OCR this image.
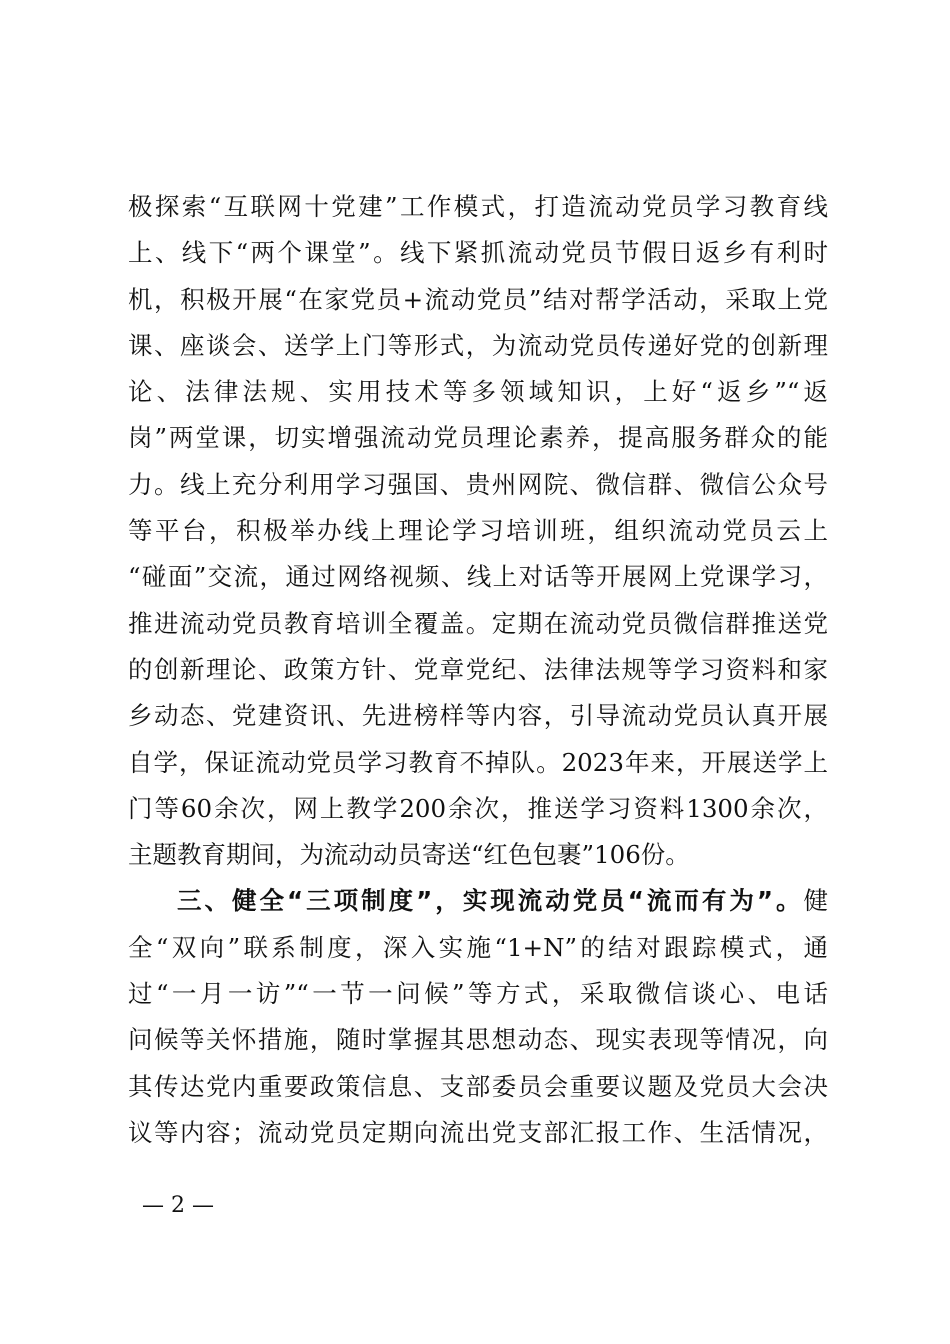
极探索“互联网十党建”工作模式，打造流动党员学习教育线
上、线下“两个课堂”。线下紧抓流动党员节假日返乡有利时
机，积极开展“在家党员+流动党员”结对帮学活动，采取上党
课、座谈会、送学上门等形式，为流动党员传递好党的创新理
论、法律法规、实用技术等多领域知识，上好“返乡”“返
岗”两堂课，切实增强流动党员理论素养，提高服务群众的能
力。线上充分利用学习强国、贵州网院、微信群、微信公众号
等平台，积极举办线上理论学习培训班，组织流动党员云上
“碰面”交流，通过网络视频、线上对话等开展网上党课学习，
推进流动党员教育培训全覆盖。定期在流动党员微信群推送党
的创新理论、政策方针、党章党纪、法律法规等学习资料和家
乡动态、党建资讯、先进榜样等内容，引导流动党员认真开展
自学，保证流动党员学习教育不掉队。2023年来，开展送学上
门等60余次，网上教学200余次，推送学习资料1300余次，
主题教育期间，为流动动员寄送“红色包裹”106份。
三、健全“三项制度”，实现流动党员“流而有为”。健
全“双向”联系制度，深入实施“1+N”的结对跟踪模式，通
过“一月一访”“一节一问候”等方式，采取微信谈心、电话
问候等关怀措施，随时掌握其思想动态、现实表现等情况，向
其传达党内重要政策信息、支部委员会重要议题及党员大会决
议等内容；流动党员定期向流出党支部汇报工作、生活情况，
— 2 —
